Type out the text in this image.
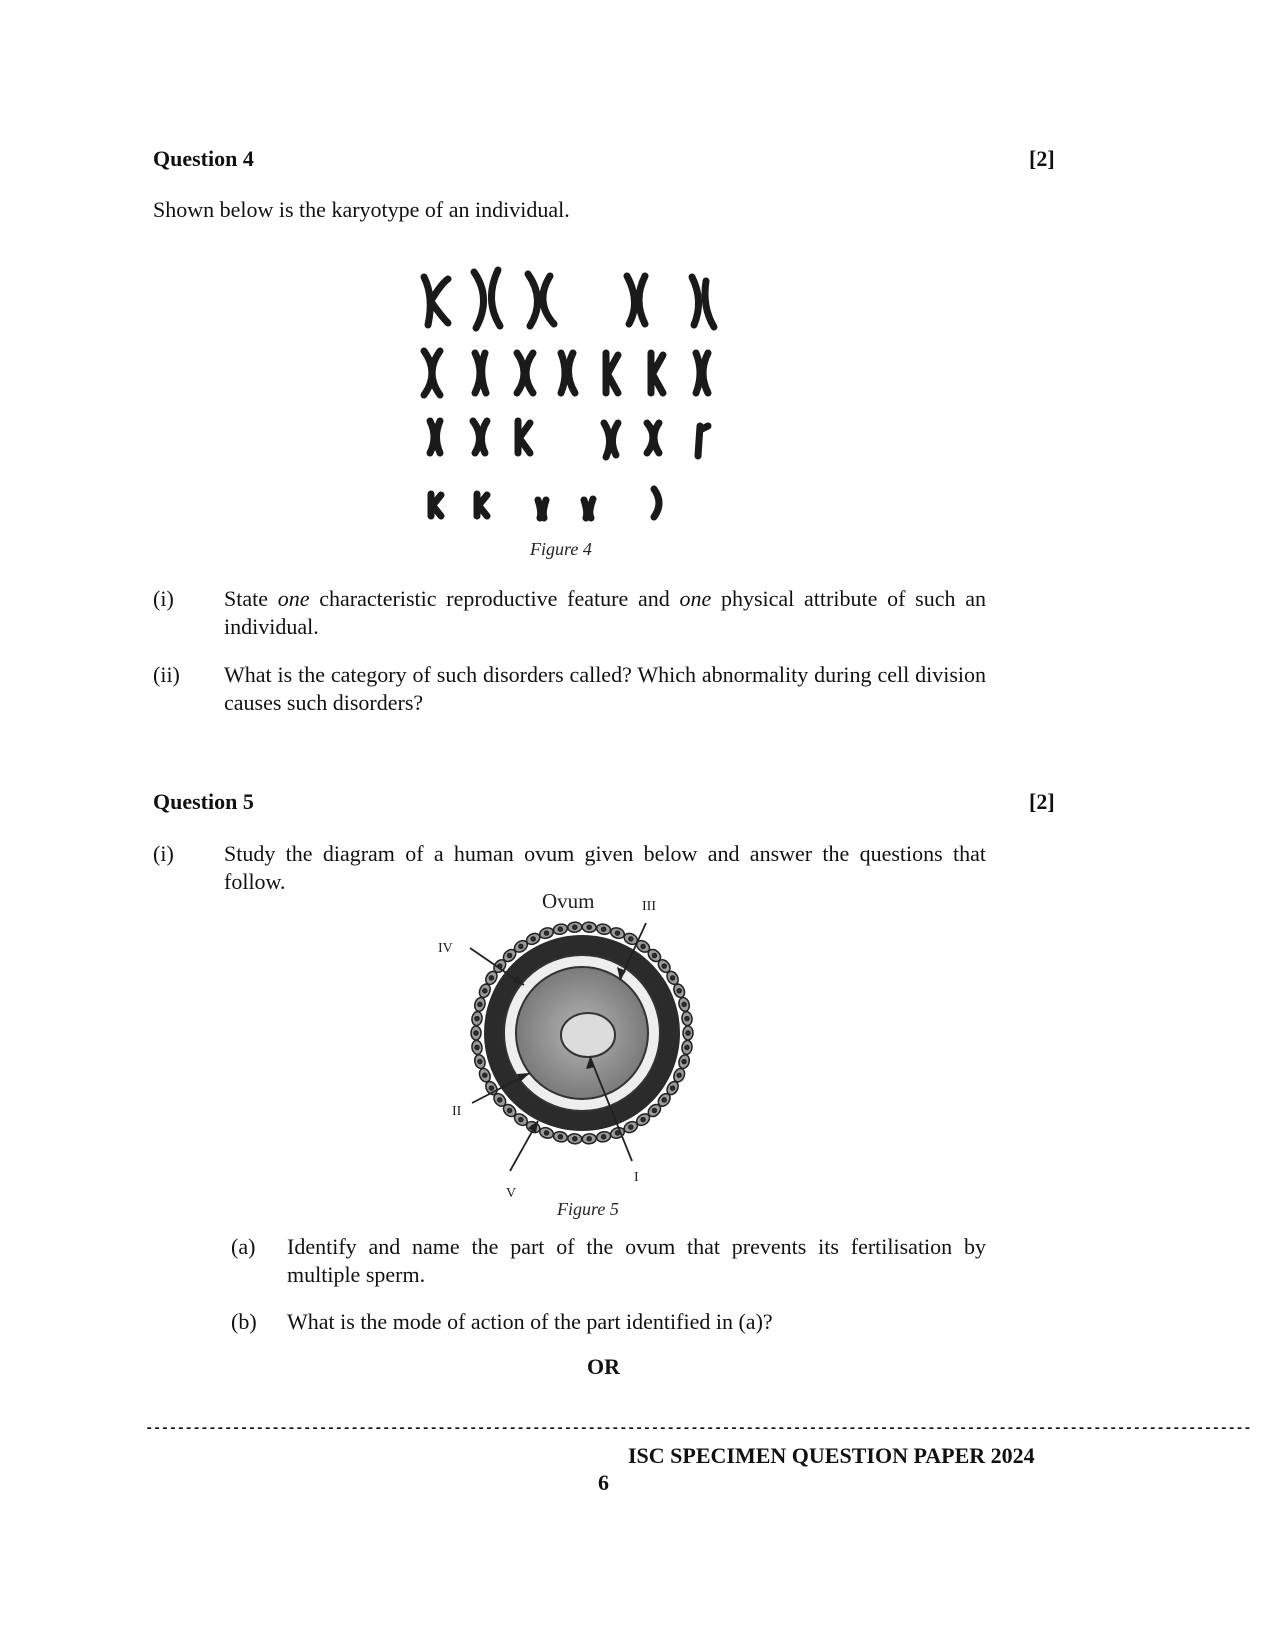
Question 4	[2]
Shown below is the karyotype of an individual.
Figure 4
(i) State one characteristic reproductive feature and one physical attribute of such an individual.
(ii) What is the category of such disorders called? Which abnormality during cell division causes such disorders?
Question 5	[2]
(i) Study the diagram of a human ovum given below and answer the questions that follow.
Ovum	III
IV
II
V
I
Figure 5
(a) Identify and name the part of the ovum that prevents its fertilisation by multiple sperm.
(b) What is the mode of action of the part identified in (a)?
OR
--------------------------------------------------------------------------------------------------------------------------------------------
ISC SPECIMEN QUESTION PAPER 2024
6
